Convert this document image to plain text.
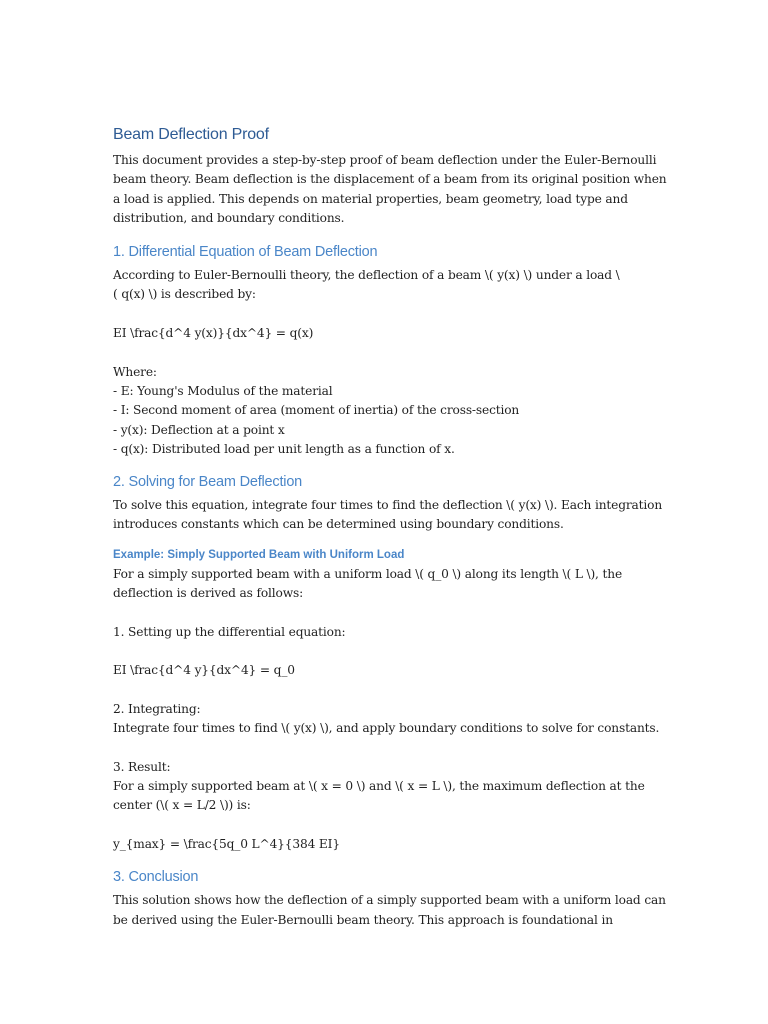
Beam Deflection Proof

This document provides a step-by-step proof of beam deflection under the Euler-Bernoulli
beam theory. Beam deflection is the displacement of a beam from its original position when
a load is applied. This depends on material properties, beam geometry, load type and
distribution, and boundary conditions.

1. Differential Equation of Beam Deflection

According to Euler-Bernoulli theory, the deflection of a beam \( y(x) \) under a load \
( q(x) \) is described by:

EI \frac{d^4 y(x)}{dx^4} = q(x)

Where:
- E: Young's Modulus of the material
- I: Second moment of area (moment of inertia) of the cross-section
- y(x): Deflection at a point x
- q(x): Distributed load per unit length as a function of x.

2. Solving for Beam Deflection

To solve this equation, integrate four times to find the deflection \( y(x) \). Each integration
introduces constants which can be determined using boundary conditions.

Example: Simply Supported Beam with Uniform Load

For a simply supported beam with a uniform load \( q_0 \) along its length \( L \), the
deflection is derived as follows:

1. Setting up the differential equation:

EI \frac{d^4 y}{dx^4} = q_0

2. Integrating:
Integrate four times to find \( y(x) \), and apply boundary conditions to solve for constants.

3. Result:
For a simply supported beam at \( x = 0 \) and \( x = L \), the maximum deflection at the
center (\( x = L/2 \)) is:

y_{max} = \frac{5q_0 L^4}{384 EI}

3. Conclusion

This solution shows how the deflection of a simply supported beam with a uniform load can
be derived using the Euler-Bernoulli beam theory. This approach is foundational in
